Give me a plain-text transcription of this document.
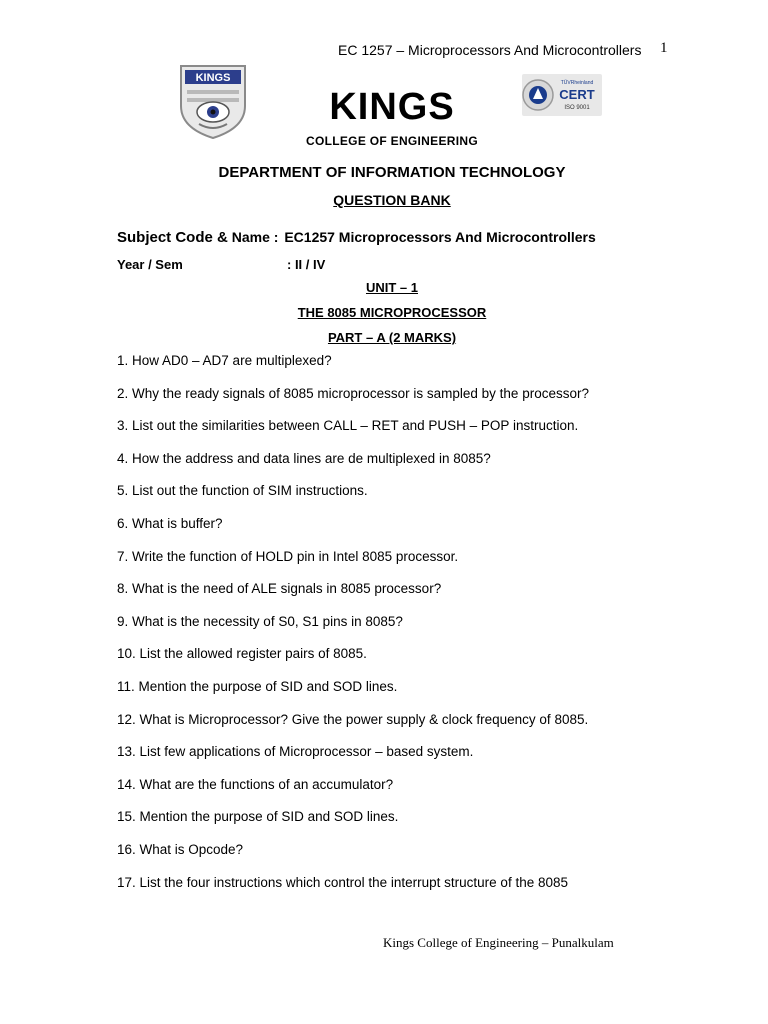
EC 1257 – Microprocessors And Microcontrollers 1
KINGS	TÜVRheinland
CERT
ISO 9001
KINGS
COLLEGE OF ENGINEERING
DEPARTMENT OF INFORMATION TECHNOLOGY
QUESTION BANK
Subject Code & Name : EC1257 Microprocessors And Microcontrollers
Year / Sem	: II / IV
UNIT – 1
THE 8085 MICROPROCESSOR
PART – A (2 MARKS)
1. How AD0 – AD7 are multiplexed?
2. Why the ready signals of 8085 microprocessor is sampled by the processor?
3. List out the similarities between CALL – RET and PUSH – POP instruction.
4. How the address and data lines are de multiplexed in 8085?
5. List out the function of SIM instructions.
6. What is buffer?
7. Write the function of HOLD pin in Intel 8085 processor.
8. What is the need of ALE signals in 8085 processor?
9. What is the necessity of S0, S1 pins in 8085?
10. List the allowed register pairs of 8085.
11. Mention the purpose of SID and SOD lines.
12. What is Microprocessor? Give the power supply & clock frequency of 8085.
13. List few applications of Microprocessor – based system.
14. What are the functions of an accumulator?
15. Mention the purpose of SID and SOD lines.
16. What is Opcode?
17. List the four instructions which control the interrupt structure of the 8085
Kings College of Engineering – Punalkulam
